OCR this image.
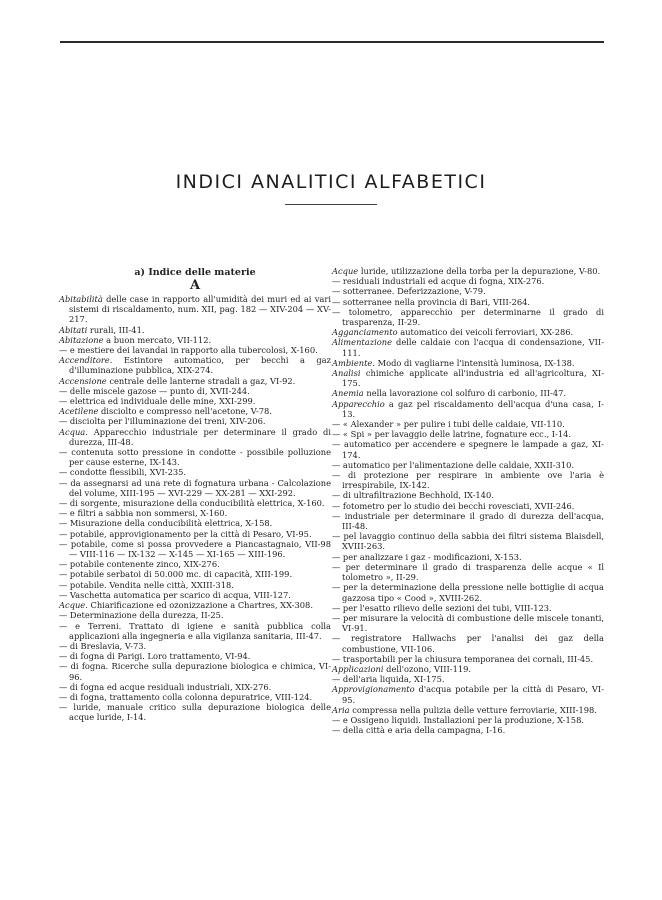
INDICI ANALITICI ALFABETICI
a) Indice delle materie
A

Abitabilità delle case in rapporto all'umidità dei muri ed ai vari sistemi di riscaldamento, num. XII, pag. 182 — XIV-204 — XV-217.

Abitati rurali, III-41.

Abitazione a buon mercato, VII-112.

— e mestiere dei lavandai in rapporto alla tubercolosi, X-160.

Accenditore. Estintore automatico, per becchi a gaz d'illuminazione pubblica, XIX-274.

Accensione centrale delle lanterne stradali a gaz, VI-92.

— delle miscele gazose — punto di, XVII-244.

— elettrica ed individuale delle mine, XXI-299.

Acetilene disciolto e compresso nell'acetone, V-78.

— disciolta per l'illuminazione dei treni, XIV-206.

Acqua. Apparecchio industriale per determinare il grado di durezza, III-48.

— contenuta sotto pressione in condotte - possibile polluzione per cause esterne, IX-143.

— condotte flessibili, XVI-235.

— da assegnarsi ad una rete di fognatura urbana - Calcolazione del volume, XIII-195 — XVI-229 — XX-281 — XXI-292.

— di sorgente, misurazione della conducibilità elettrica, X-160.

— e filtri a sabbia non sommersi, X-160.

— Misurazione della conducibilità elettrica, X-158.

— potabile, approvigionamento per la città di Pesaro, VI-95.

— potabile, come si possa provvedere a Piancastagnaio, VII-98 — VIII-116 — IX-132 — X-145 — XI-165 — XIII-196.

— potabile contenente zinco, XIX-276.

— potabile serbatoi di 50.000 mc. di capacità, XIII-199.

— potabile. Vendita nelle città, XXIII-318.

— Vaschetta automatica per scarico di acqua, VIII-127.

Acque. Chiarificazione ed ozonizzazione a Chartres, XX-308.

— Determinazione della durezza, II-25.

— e Terreni. Trattato di igiene e sanità pubblica colla applicazioni alla ingegneria e alla vigilanza sanitaria, III-47.

— di Breslavia, V-73.

— di fogna di Parigi. Loro trattamento, VI-94.

— di fogna. Ricerche sulla depurazione biologica e chimica, VI-96.

— di fogna ed acque residuali industriali, XIX-276.

— di fogna, trattamento colla colonna depuratrice, VIII-124.

— luride, manuale critico sulla depurazione biologica delle acque luride, I-14.

Acque luride, utilizzazione della torba per la depurazione, V-80.

— residuali industriali ed acque di fogna, XIX-276.

— sotterranee. Deferizzazione, V-79.

— sotterranee nella provincia di Bari, VIII-264.

— tolometro, apparecchio per determinarne il grado di trasparenza, II-29.

Agganciamento automatico dei veicoli ferroviari, XX-286.

Alimentazione delle caldaie con l'acqua di condensazione, VII-111.

Ambiente. Modo di vagliarne l'intensità luminosa, IX-138.

Analisi chimiche applicate all'industria ed all'agricoltura, XI-175.

Anemia nella lavorazione col solfuro di carbonio, III-47.

Apparecchio a gaz pel riscaldamento dell'acqua d'una casa, I-13.

— « Alexander » per pulire i tubi delle caldaie, VII-110.

— « Spi » per lavaggio delle latrine, fognature ecc., I-14.

— automatico per accendere e spegnere le lampade a gaz, XI-174.

— automatico per l'alimentazione delle caldaie, XXII-310.

— di protezione per respirare in ambiente ove l'aria è irrespirabile, IX-142.

— di ultrafiltrazione Bechhold, IX-140.

— fotometro per lo studio dei becchi rovesciati, XVII-246.

— industriale per determinare il grado di durezza dell'acqua, III-48.

— pel lavaggio continuo della sabbia dei filtri sistema Blaisdell, XVIII-263.

— per analizzare i gaz - modificazioni, X-153.

— per determinare il grado di trasparenza delle acque « Il tolometro », II-29.

— per la determinazione della pressione nelle bottiglie di acqua gazzosa tipo « Cood », XVIII-262.

— per l'esatto rilievo delle sezioni dei tubi, VIII-123.

— per misurare la velocità di combustione delle miscele tonanti, VI-91.

— registratore Hallwachs per l'analisi dei gaz della combustione, VII-106.

— trasportabili per la chiusura temporanea dei cornali, III-45.

Applicazioni dell'ozono, VIII-119.

— dell'aria liquida, XI-175.

Approvigionamento d'acqua potabile per la città di Pesaro, VI-95.

Aria compressa nella pulizia delle vetture ferroviarie, XIII-198.

— e Ossigeno liquidi. Installazioni per la produzione, X-158.

— della città e aria della campagna, I-16.
